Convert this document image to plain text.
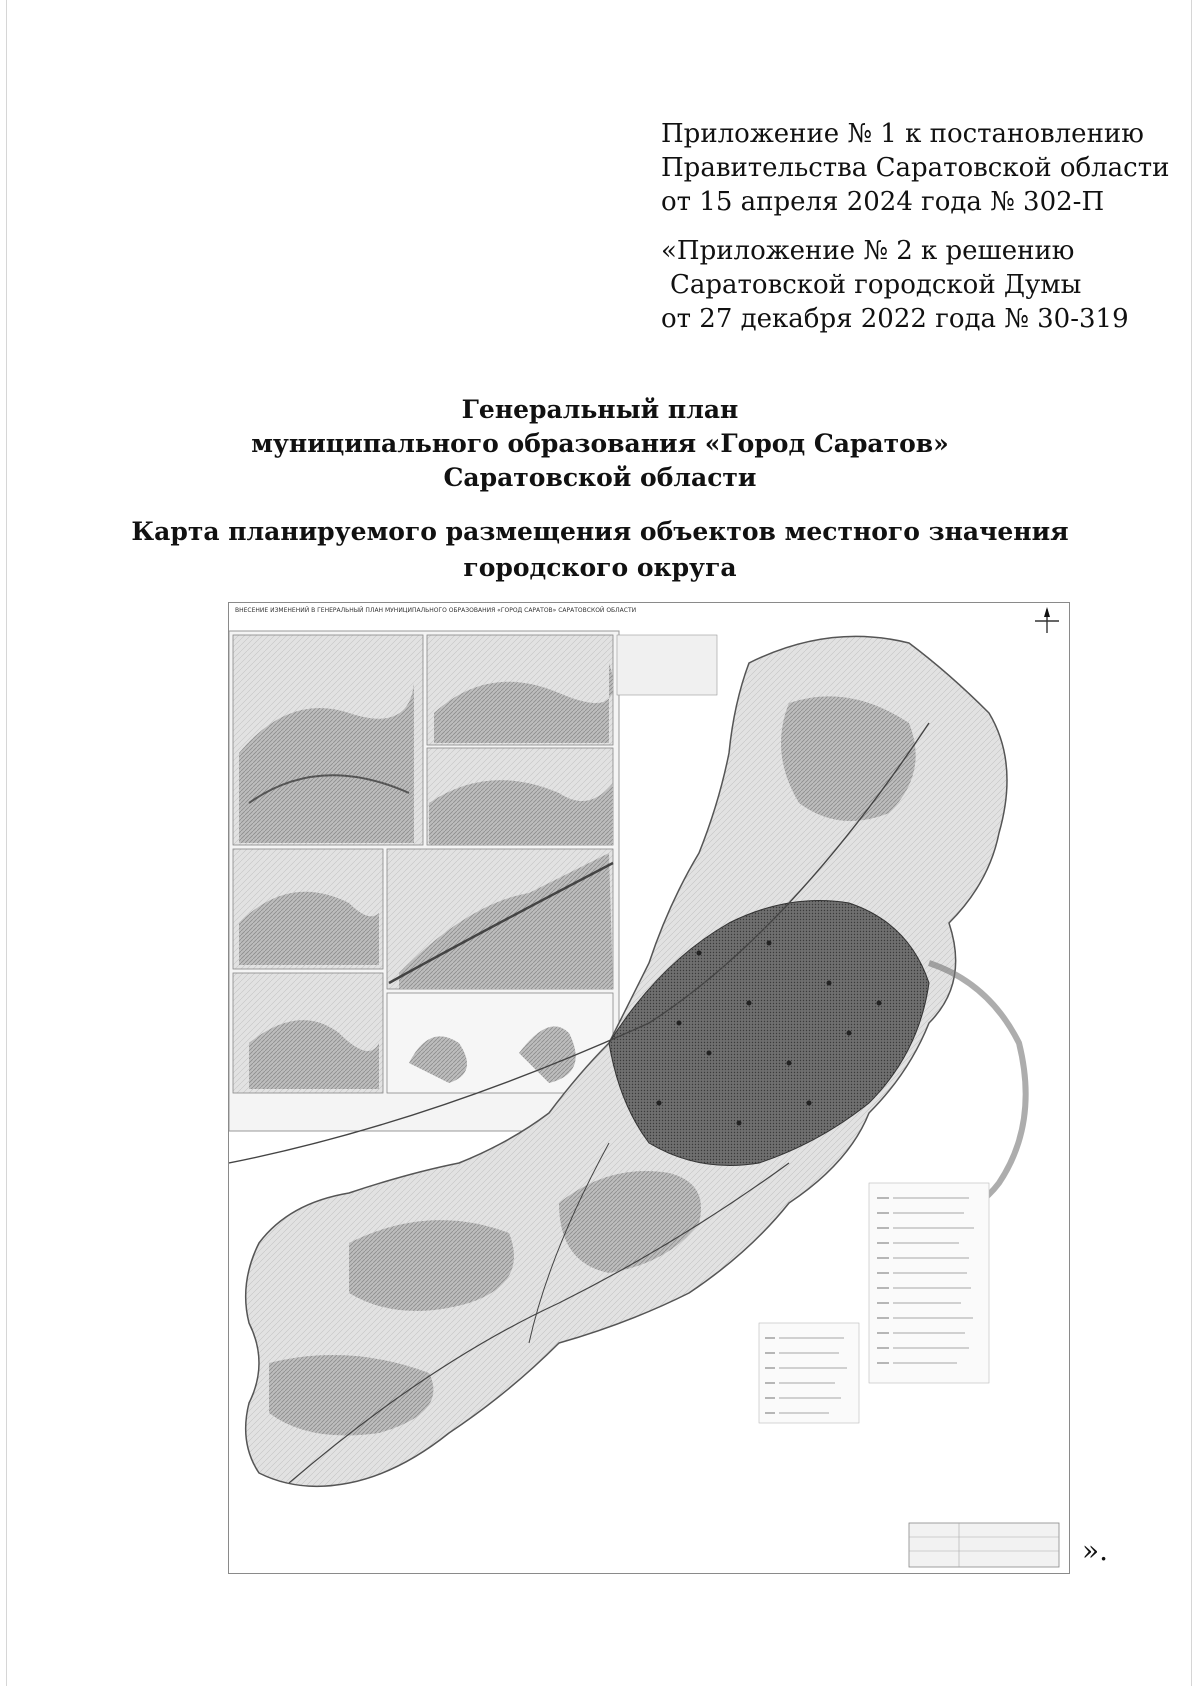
Приложение № 1 к постановлению
Правительства Саратовской области
от 15 апреля 2024 года № 302-П
«Приложение № 2 к решению
Саратовской городской Думы
от 27 декабря 2022 года № 30-319
Генеральный план
муниципального образования «Город Саратов»
Саратовской области
Карта планируемого размещения объектов местного значения
городского округа
ВНЕСЕНИЕ ИЗМЕНЕНИЙ В ГЕНЕРАЛЬНЫЙ ПЛАН МУНИЦИПАЛЬНОГО ОБРАЗОВАНИЯ «ГОРОД САРАТОВ» САРАТОВСКОЙ ОБЛАСТИ
».
